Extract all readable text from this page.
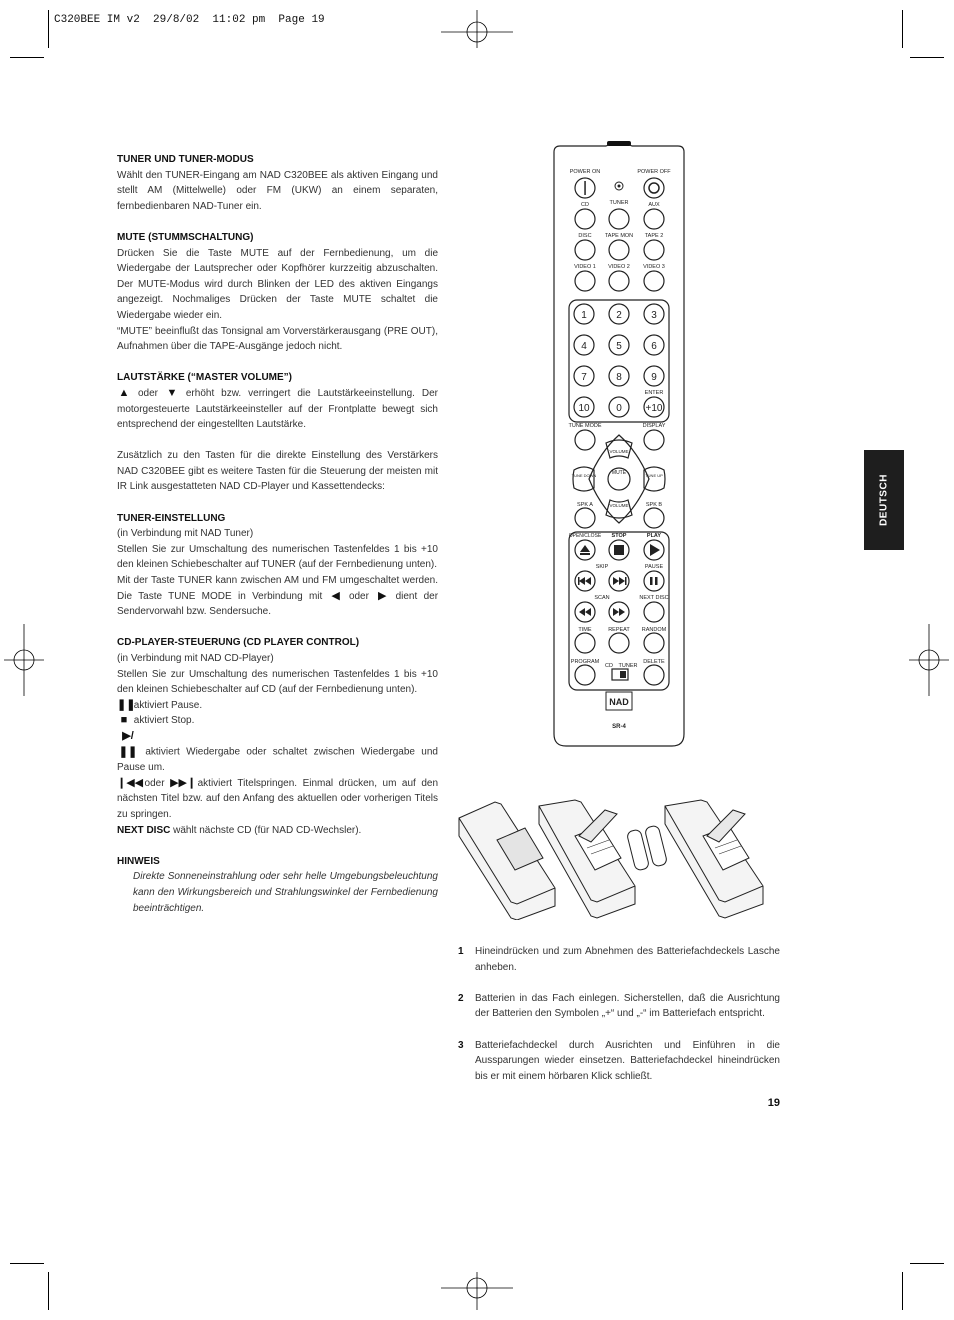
C320BEE IM v2  29/8/02  11:02 pm  Page 19
TUNER UND TUNER-MODUS

Wählt den TUNER-Eingang am NAD C320BEE als aktiven Eingang und stellt AM (Mittelwelle) oder FM (UKW) an einem separaten, fernbedienbaren NAD-Tuner ein.

MUTE (STUMMSCHALTUNG)

Drücken Sie die Taste MUTE auf der Fernbedienung, um die Wiedergabe der Lautsprecher oder Kopfhörer kurzzeitig abzuschalten. Der MUTE-Modus wird durch Blinken der LED des aktiven Eingangs angezeigt. Nochmaliges Drücken der Taste MUTE schaltet die Wiedergabe wieder ein.

“MUTE” beeinflußt das Tonsignal am Vorverstärkerausgang (PRE OUT), Aufnahmen über die TAPE-Ausgänge jedoch nicht.

LAUTSTÄRKE (“MASTER VOLUME”)

▲ oder ▼ erhöht bzw. verringert die Lautstärkeeinstellung. Der motorgesteuerte Lautstärkeeinsteller auf der Frontplatte bewegt sich entsprechend der eingestellten Lautstärke.

Zusätzlich zu den Tasten für die direkte Einstellung des Verstärkers NAD C320BEE gibt es weitere Tasten für die Steuerung der meisten mit IR Link ausgestatteten NAD CD-Player und Kassettendecks:

TUNER-EINSTELLUNG

(in Verbindung mit NAD Tuner)

Stellen Sie zur Umschaltung des numerischen Tastenfeldes 1 bis +10 den kleinen Schiebeschalter auf TUNER (auf der Fernbedienung unten).

Mit der Taste TUNER kann zwischen AM und FM umgeschaltet werden. Die Taste TUNE MODE in Verbindung mit ◀ oder ▶ dient der Sendervorwahl bzw. Sendersuche.

CD-PLAYER-STEUERUNG (CD PLAYER CONTROL)

(in Verbindung mit NAD CD-Player)

Stellen Sie zur Umschaltung des numerischen Tastenfeldes 1 bis +10 den kleinen Schiebeschalter auf CD (auf der Fernbedienung unten).

❚❚ aktiviert Pause.

■ aktiviert Stop.

▶/❚❚ aktiviert Wiedergabe oder schaltet zwischen Wiedergabe und Pause um.

❙◀◀ oder ▶▶❙ aktiviert Titelspringen. Einmal drücken, um auf den nächsten Titel bzw. auf den Anfang des aktuellen oder vorherigen Titels zu springen.

NEXT DISC wählt nächste CD (für NAD CD-Wechsler).

HINWEIS

Direkte Sonneneinstrahlung oder sehr helle Umgebungsbeleuchtung kann den Wirkungsbereich und Strahlungswinkel der Fernbedienung beeinträchtigen.

DEUTSCH
POWER ON	POWER OFF
CD	TUNER	AUX
DISC TAPE MON TAPE 2
VIDEO 1 VIDEO 2 VIDEO 3
ENTER
TUNE MODE	DISPLAY
VOLUME
VOLUME
MUTE
TUNE DOWN	TUNE UP
SPK A	SPK B
OPEN/CLOSE STOP	PLAY
SKIP	PAUSE
SCAN	NEXT DISC
TIME	REPEAT RANDOM
PROGRAM
CD TUNER
DELETE
NAD
SR-4
1	2	3
4	5	6
7	8	9
10	0 +10
1 Hineindrücken und zum Abnehmen des Batteriefachdeckels Lasche anheben.
2 Batterien in das Fach einlegen. Sicherstellen, daß die Ausrichtung der Batterien den Symbolen „+“ und „-“ im Batteriefach entspricht.
3 Batteriefachdeckel durch Ausrichten und Einführen in die Aussparungen wieder einsetzen. Batteriefachdeckel hineindrücken bis er mit einem hörbaren Klick schließt.
19
